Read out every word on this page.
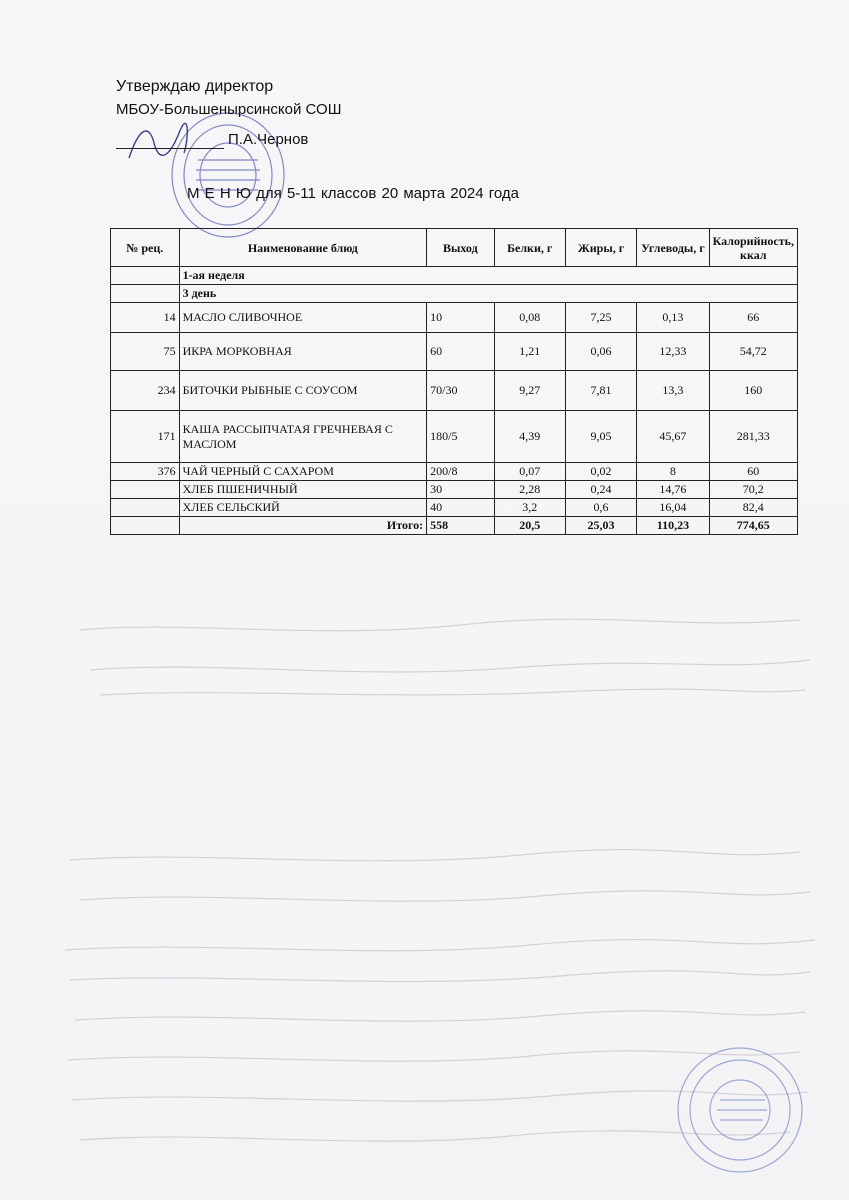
Утверждаю директор
МБОУ-Большенырсинской СОШ
П.А.Чернов
М Е Н Ю для 5-11 классов 20 марта 2024 года
№ рец.	Наименование блюд	Выход	Белки, г	Жиры, г	Углеводы, г	Калорийность, ккал
	1-ая неделя					
	3 день					
14	МАСЛО СЛИВОЧНОЕ	10	0,08	7,25	0,13	66
75	ИКРА МОРКОВНАЯ	60	1,21	0,06	12,33	54,72
234	БИТОЧКИ РЫБНЫЕ С СОУСОМ	70/30	9,27	7,81	13,3	160
171	КАША РАССЫПЧАТАЯ ГРЕЧНЕВАЯ С МАСЛОМ	180/5	4,39	9,05	45,67	281,33
376	ЧАЙ ЧЕРНЫЙ С САХАРОМ	200/8	0,07	0,02	8	60
	ХЛЕБ ПШЕНИЧНЫЙ	30	2,28	0,24	14,76	70,2
	ХЛЕБ СЕЛЬСКИЙ	40	3,2	0,6	16,04	82,4
	Итого:	558	20,5	25,03	110,23	774,65
